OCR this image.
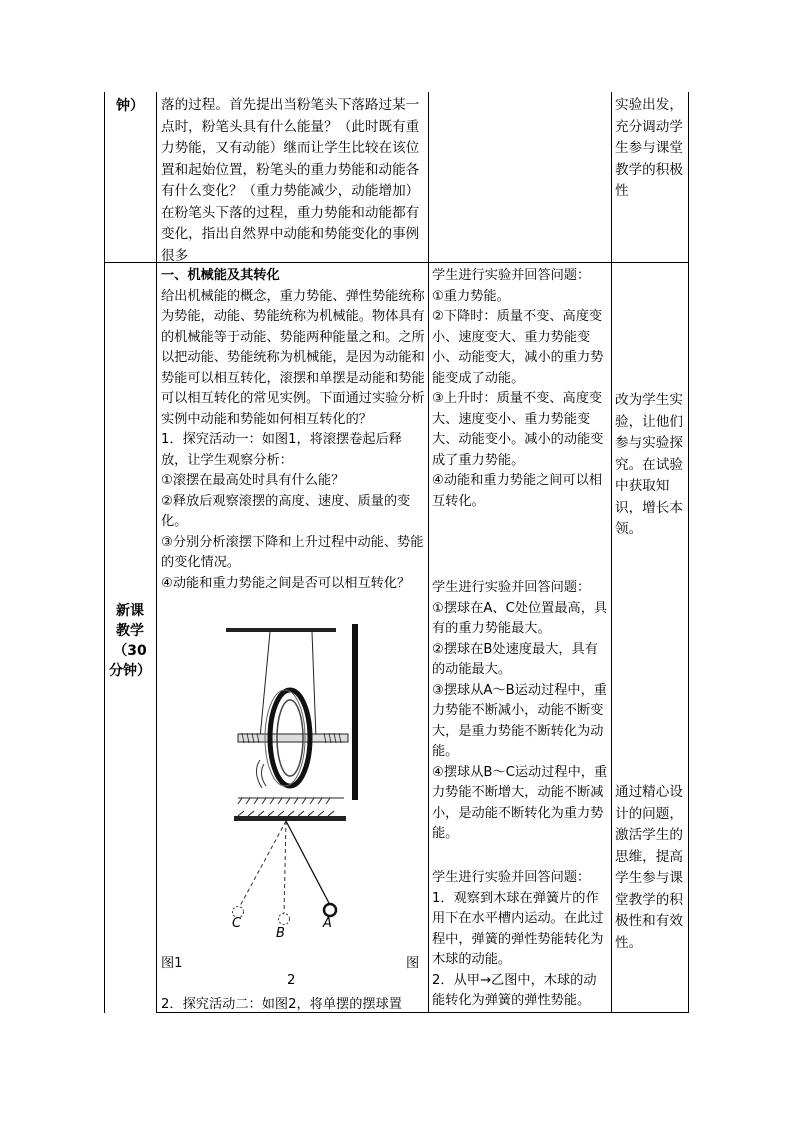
钟）	落的过程。首先提出当粉笔头下落路过某一点时，粉笔头具有什么能量？（此时既有重力势能，又有动能）继而让学生比较在该位置和起始位置，粉笔头的重力势能和动能各有什么变化？（重力势能减少，动能增加）在粉笔头下落的过程，重力势能和动能都有变化，指出自然界中动能和势能变化的事例很多
实验出发，充分调动学生参与课堂教学的积极性
新课
教学
（30
分钟）

一、机械能及其转化

给出机械能的概念，重力势能、弹性势能统称为势能，动能、势能统称为机械能。物体具有的机械能等于动能、势能两种能量之和。之所以把动能、势能统称为机械能，是因为动能和势能可以相互转化，滚摆和单摆是动能和势能可以相互转化的常见实例。下面通过实验分析实例中动能和势能如何相互转化的？

1．探究活动一：如图1，将滚摆卷起后释放，让学生观察分析：

①滚摆在最高处时具有什么能？

②释放后观察滚摆的高度、速度、质量的变化。

③分别分析滚摆下降和上升过程中动能、势能的变化情况。

④动能和重力势能之间是否可以相互转化？

C
B
A
图1	图
2
2．探究活动二：如图2，将单摆的摆球置

学生进行实验并回答问题：

①重力势能。

②下降时：质量不变、高度变小、速度变大、重力势能变小、动能变大，减小的重力势能变成了动能。

③上升时：质量不变、高度变大、速度变小、重力势能变大、动能变小。减小的动能变成了重力势能。

④动能和重力势能之间可以相互转化。

学生进行实验并回答问题：

①摆球在A、C处位置最高，具有的重力势能最大。

②摆球在B处速度最大，具有的动能最大。

③摆球从A～B运动过程中，重力势能不断减小，动能不断变大，是重力势能不断转化为动能。

④摆球从B～C运动过程中，重力势能不断增大，动能不断减小，是动能不断转化为重力势能。

学生进行实验并回答问题：

1．观察到木球在弹簧片的作用下在水平槽内运动。在此过程中，弹簧的弹性势能转化为木球的动能。

2．从甲→乙图中，木球的动能转化为弹簧的弹性势能。

改为学生实验，让他们参与实验探究。在试验中获取知识，增长本领。
通过精心设计的问题，激活学生的思维，提高学生参与课堂教学的积极性和有效性。
